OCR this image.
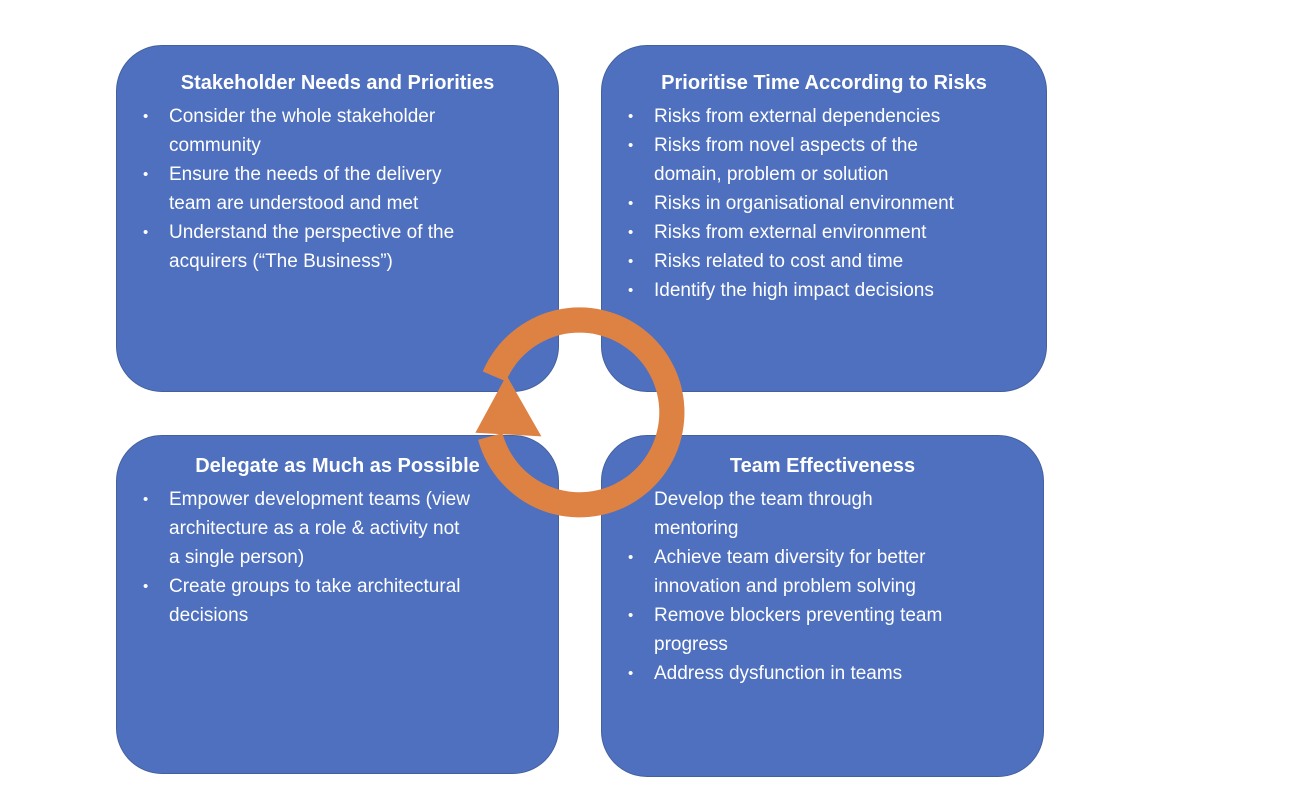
Stakeholder Needs and Priorities
•	Consider the whole stakeholder
community
•	Ensure the needs of the delivery
team are understood and met
•	Understand the perspective of the
acquirers (“The Business”)
Prioritise Time According to Risks
•	Risks from external dependencies
•	Risks from novel aspects of the
domain, problem or solution
•	Risks in organisational environment
•	Risks from external environment
•	Risks related to cost and time
•	Identify the high impact decisions
Delegate as Much as Possible
•	Empower development teams (view
architecture as a role & activity not
a single person)
•	Create groups to take architectural
decisions
Team Effectiveness
Develop the team through
mentoring
•	Achieve team diversity for better
innovation and problem solving
•	Remove blockers preventing team
progress
•	Address dysfunction in teams
